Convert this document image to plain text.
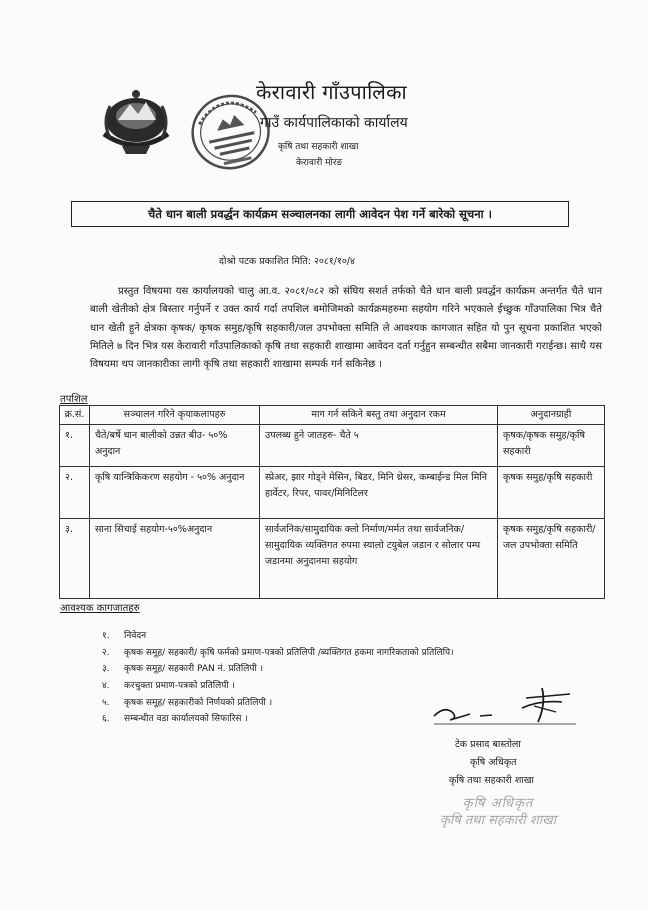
केरावारी गाँउपालिका
गाउँ कार्यपालिकाको कार्यालय
कृषि तथा सहकारी शाखा
केरावारी मोरङ
चैते धान बाली प्रवर्द्धन कार्यक्रम सञ्चालनका लागी आवेदन पेश गर्ने बारेको सूचना ।
दोश्रो पटक प्रकाशित मिति: २०८१/१०/४

प्रस्तुत विषयमा यस कार्यालयको चालु आ.व. २०८१/०८२ को संघिय सशर्त तर्फको चैते धान बाली प्रवर्द्धन कार्यक्रम अन्तर्गत चैते धान बाली खेतीको क्षेत्र बिस्तार गर्नुपर्ने र उक्त कार्य गर्दा तपशिल बमोजिमको कार्यक्रमहरुमा सहयोग गरिने भएकाले ईच्छुक गाँउपालिका भित्र चैते धान खेती हुने क्षेत्रका कृषक/ कृषक समुह/कृषि सहकारी/जल उपभोक्ता समिति ले आवश्यक कागजात सहित यो पुन सूचना प्रकाशित भएको मितिले ७ दिन भित्र यस केरावारी गाँउपालिकाको कृषि तथा सहकारी शाखामा आवेदन दर्ता गर्नुहुन सम्बन्धीत सबैमा जानकारी गराईन्छ। साथै यस विषयमा थप जानकारीका लागी कृषि तथा सहकारी शाखामा सम्पर्क गर्न सकिनेछ ।

तपशिल
क्र.सं.	सञ्चालन गरिने कृयाकलापहरु	माग गर्न सकिने बस्तु तथा अनुदान रकम	अनुदानग्राही
१.	चैते/बर्षे धान बालीको उन्नत बीउ- ५०% अनुदान	उपलब्ध हुने जातहरु- चैते ५	कृषक/कृषक समुह/कृषि सहकारी
२.	कृषि यान्त्रिकिकरण सहयोग - ५०% अनुदान	स्प्रेअर, झार गोड्ने मेसिन, बिडर, मिनि थ्रेसर, कम्बाईन्ड मिल मिनि हार्वेटर, रिपर, पावर/मिनिटिलर	कृषक समुह/कृषि सहकारी
३.	साना सिचाई सहयोग-५०%अनुदान	सार्वजनिक/सामुदायिक क्लो निर्माण/मर्मत तथा सार्वजनिक/सामुदायिक व्यक्तिगत रुपमा स्यालो टयुबेल जडान र सोलार पम्प जडानमा अनुदानमा सहयोग	कृषक समुह/कृषि सहकारी/जल उपभोक्ता समिति
आवश्यक कागजातहरु
१.	निवेदन
२.	कृषक समूह/ सहकारी/ कृषि फर्मको प्रमाण-पत्रको प्रतिलिपी /ब्यक्तिगत हकमा नागरिकताको प्रतिलिपि।
३.	कृषक समूह/ सहकारी PAN नं. प्रतिलिपी ।
४.	करचुक्ता प्रमाण-पत्रको प्रतिलिपी ।
५.	कृषक समूह/ सहकारीको निर्णयको प्रतिलिपी ।
६.	सम्बन्धीत वडा कार्यालयको सिफारिस ।
टेक प्रसाद बास्तोला
कृषि अधिकृत
कृषि तथा सहकारी शाखा
कृषि अधिकृत
कृषि तथा सहकारी शाखा
